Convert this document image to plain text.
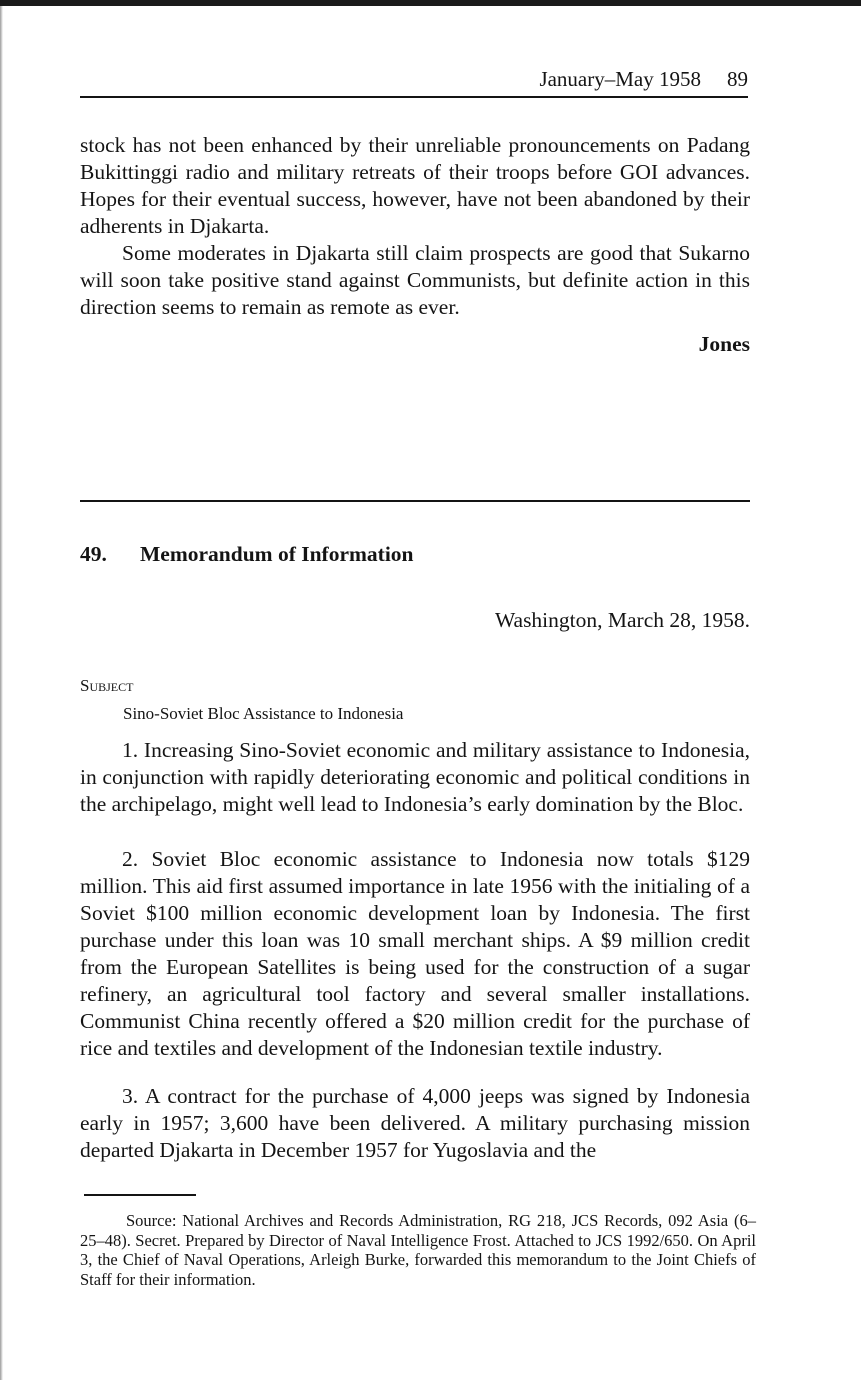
January–May 1958 89

stock has not been enhanced by their unreliable pronouncements on Padang Bukittinggi radio and military retreats of their troops before GOI advances. Hopes for their eventual success, however, have not been abandoned by their adherents in Djakarta.

Some moderates in Djakarta still claim prospects are good that Sukarno will soon take positive stand against Communists, but definite action in this direction seems to remain as remote as ever.

Jones
49. Memorandum of Information
Washington, March 28, 1958.
Subject
Sino-Soviet Bloc Assistance to Indonesia

1. Increasing Sino-Soviet economic and military assistance to Indonesia, in conjunction with rapidly deteriorating economic and political conditions in the archipelago, might well lead to Indonesia’s early domination by the Bloc.

2. Soviet Bloc economic assistance to Indonesia now totals $129 million. This aid first assumed importance in late 1956 with the initialing of a Soviet $100 million economic development loan by Indonesia. The first purchase under this loan was 10 small merchant ships. A $9 million credit from the European Satellites is being used for the construction of a sugar refinery, an agricultural tool factory and several smaller installations. Communist China recently offered a $20 million credit for the purchase of rice and textiles and development of the Indonesian textile industry.

3. A contract for the purchase of 4,000 jeeps was signed by Indonesia early in 1957; 3,600 have been delivered. A military purchasing mission departed Djakarta in December 1957 for Yugoslavia and the

Source: National Archives and Records Administration, RG 218, JCS Records, 092 Asia (6–25–48). Secret. Prepared by Director of Naval Intelligence Frost. Attached to JCS 1992/650. On April 3, the Chief of Naval Operations, Arleigh Burke, forwarded this memorandum to the Joint Chiefs of Staff for their information.
